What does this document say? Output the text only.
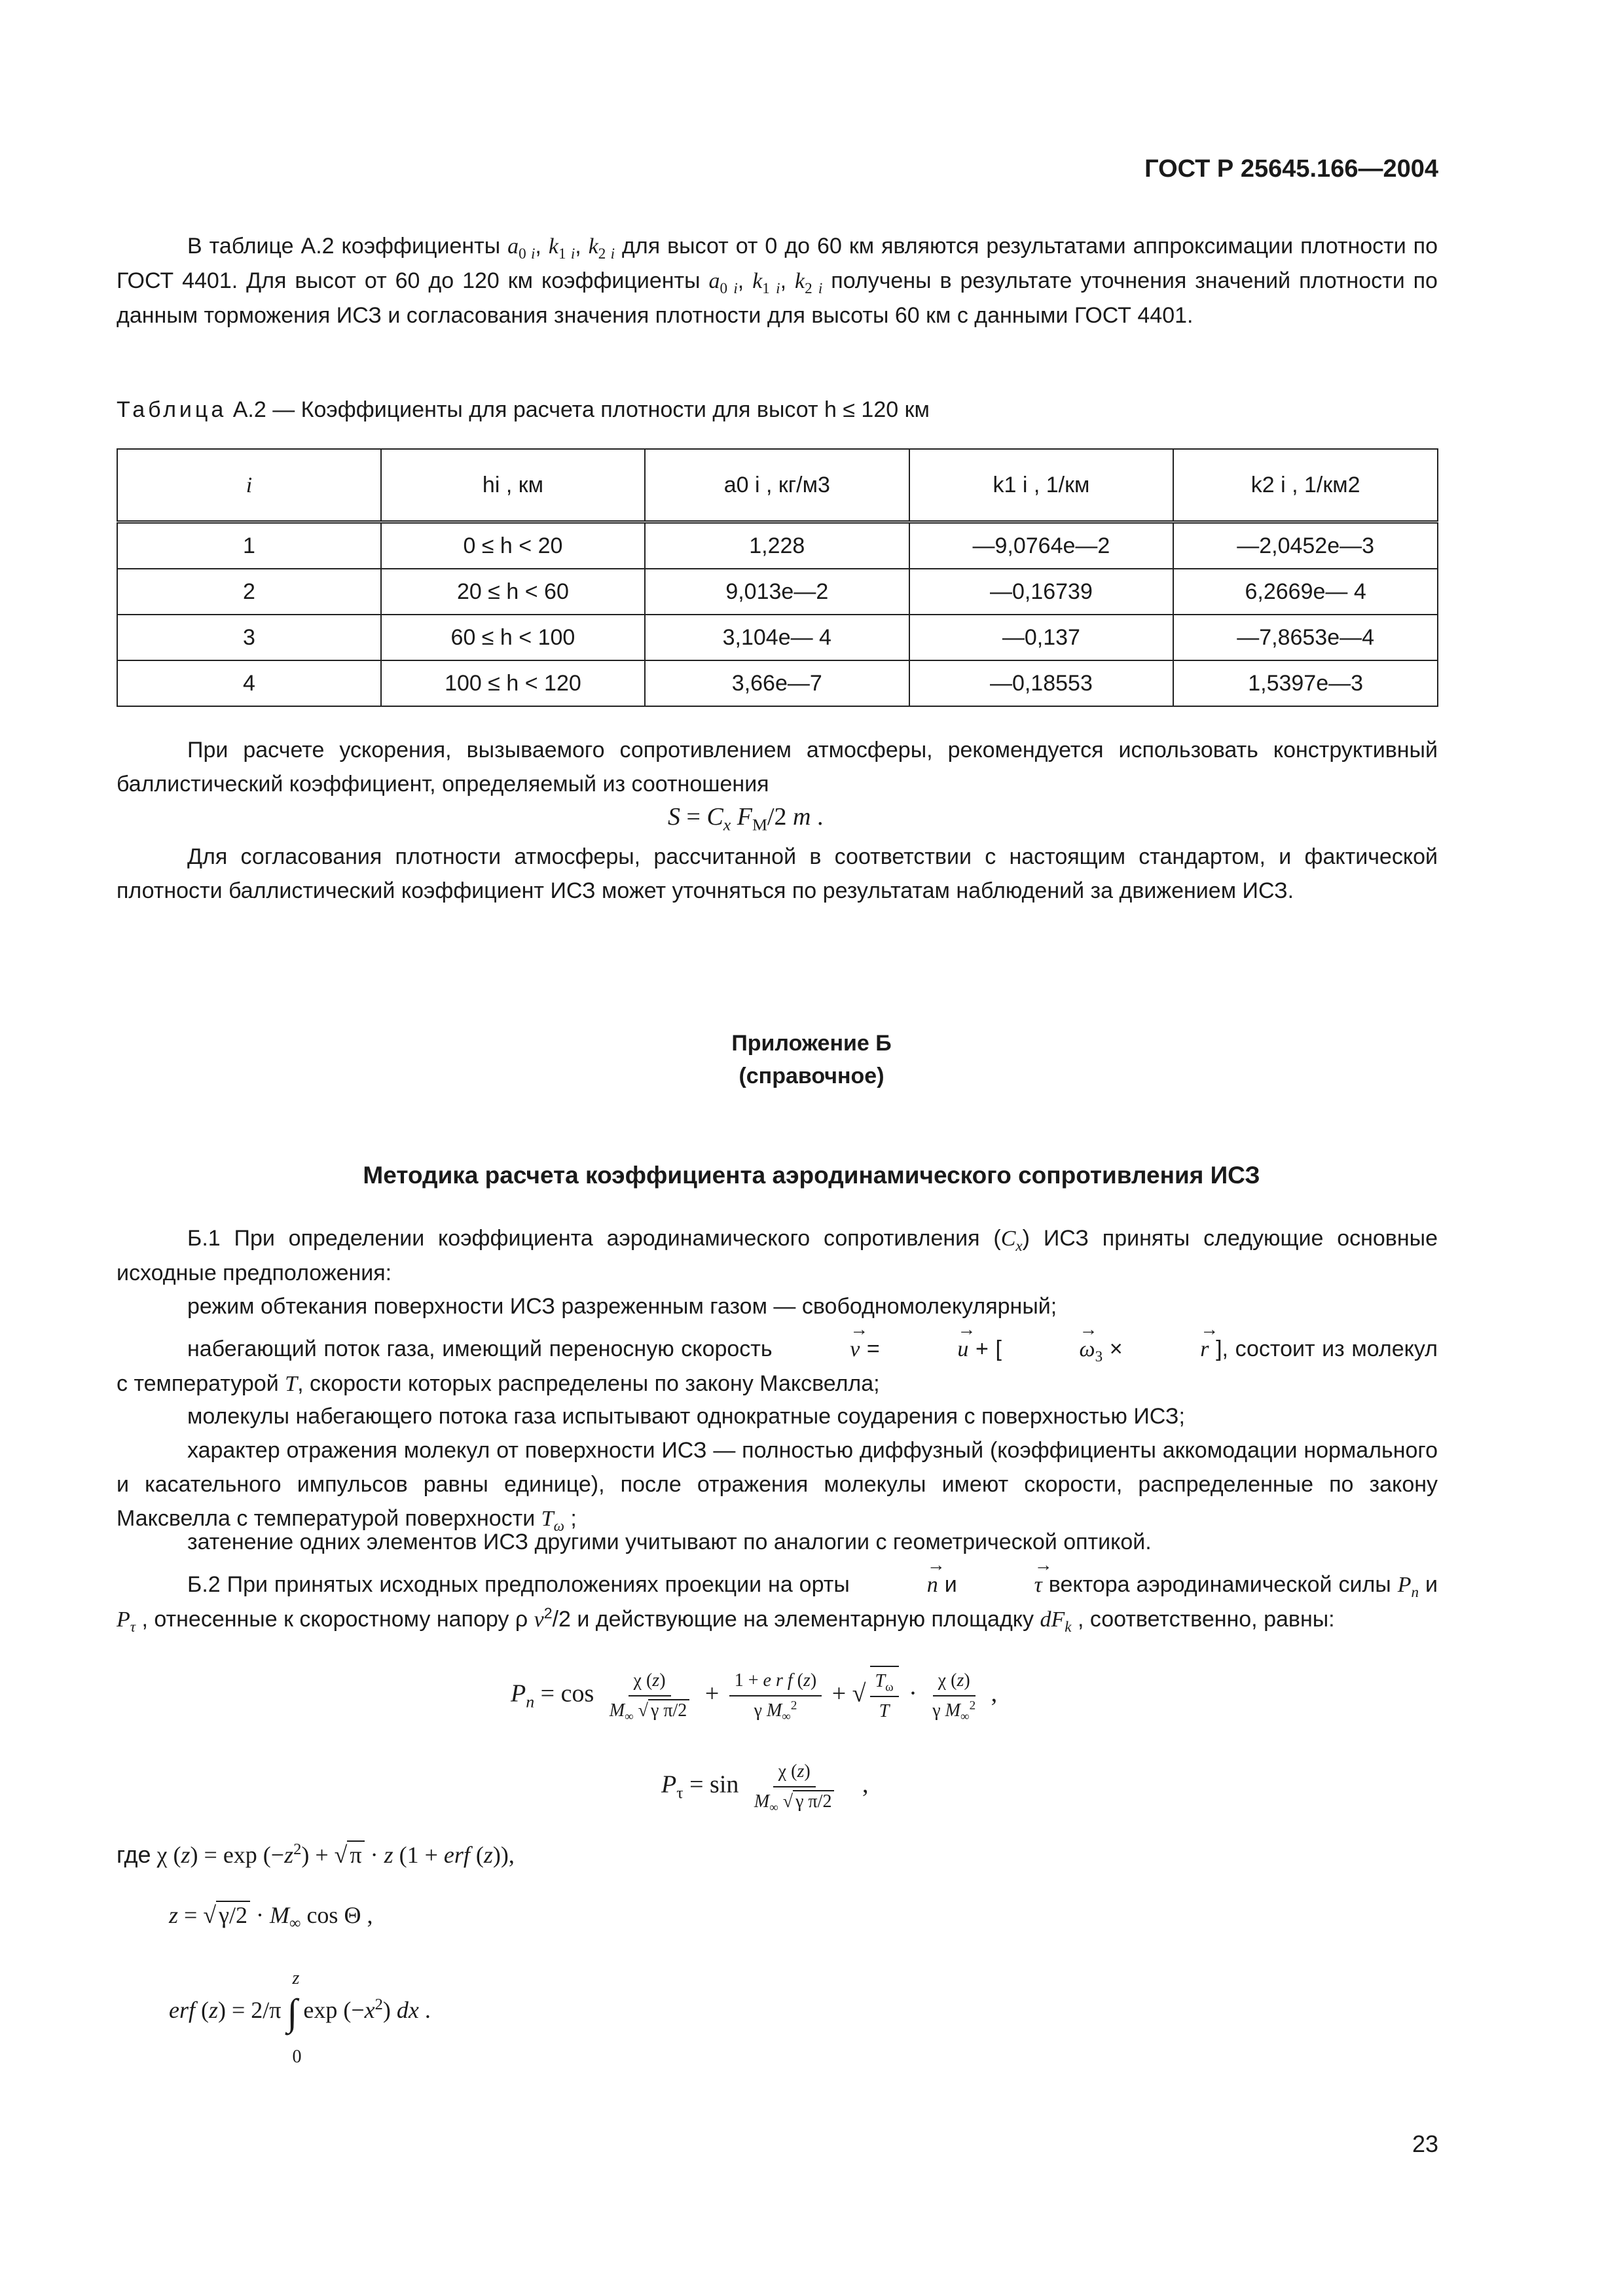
ГОСТ Р 25645.166—2004
В таблице А.2 коэффициенты $a_{0 i}$, $k_{1 i}$, $k_{2 i}$ для высот от 0 до 60 км являются результатами аппроксимации плотности по ГОСТ 4401. Для высот от 60 до 120 км коэффициенты $a_{0 i}$, $k_{1 i}$, $k_{2 i}$ получены в результате уточнения значений плотности по данным торможения ИСЗ и согласования значения плотности для высоты 60 км с данными ГОСТ 4401.
Таблица А.2 — Коэффициенты для расчета плотности для высот h ≤ 120 км
i	hi , км	a0 i , кг/м3	k1 i , 1/км	k2 i , 1/км2
1	0 ≤ h < 20	1,228	—9,0764e—2	—2,0452e—3
2	20 ≤ h < 60	9,013e—2	—0,16739	6,2669e— 4
3	60 ≤ h < 100	3,104e— 4	—0,137	—7,8653e—4
4	100 ≤ h < 120	3,66e—7	—0,18553	1,5397e—3
При расчете ускорения, вызываемого сопротивлением атмосферы, рекомендуется использовать конструктивный баллистический коэффициент, определяемый из соотношения
$S = C_x$ $F_M/2$ m .
Для согласования плотности атмосферы, рассчитанной в соответствии с настоящим стандартом, и фактической плотности баллистический коэффициент ИСЗ может уточняться по результатам наблюдений за движением ИСЗ.
Приложение Б
(справочное)
Методика расчета коэффициента аэродинамического сопротивления ИСЗ
Б.1 При определении коэффициента аэродинамического сопротивления $(C_x)$ ИСЗ приняты следующие основные исходные предположения:
режим обтекания поверхности ИСЗ разреженным газом — свободномолекулярный;
набегающий поток газа, имеющий переносную скорость	→ v =	→ u + [	→ $\omega_3$ ×	→ r ], состоит из молекул с температурой T, скорости которых распределены по закону Максвелла;
молекулы набегающего потока газа испытывают однократные соударения с поверхностью ИСЗ;
характер отражения молекул от поверхности ИСЗ — полностью диффузный (коэффициенты аккомодации нормального и касательного импульсов равны единице), после отражения молекулы имеют скорости, распределенные по закону Максвелла с температурой поверхности $T_\omega$ ;
затенение одних элементов ИСЗ другими учитывают по аналогии с геометрической оптикой.
Б.2 При принятых исходных предположениях проекции на орты	→ n и	→ τ вектора аэродинамической силы $P_n$ и $P_\tau$ , отнесенные к скоростному напору ρ $v^2/2$ и действующие на элементарную площадку $dF_k$ , соответственно, равны:
$P_n = \cos \frac{\chi (z)}{M_\infty √ \gamma \pi/2} + \frac{\text{1 + e r f (z)}}{\gamma M_\infty^2}$ + √ $\frac{T_\omega}{T} \cdot \frac{\chi (z)}{\gamma M_\infty^2}$ ,
$P_\tau = \sin \frac{\chi (z)}{M_\infty √ \gamma \pi/2}$ ,
где χ $(z) = \exp (-z^2)$ + √ π · z (1 + erf (z)),
z = √ $\gamma/2 \cdot M_\infty$ cos Θ ,
erf (z) = 2/π ∫
z
0
$\exp (-x^2)$ dx .
23
